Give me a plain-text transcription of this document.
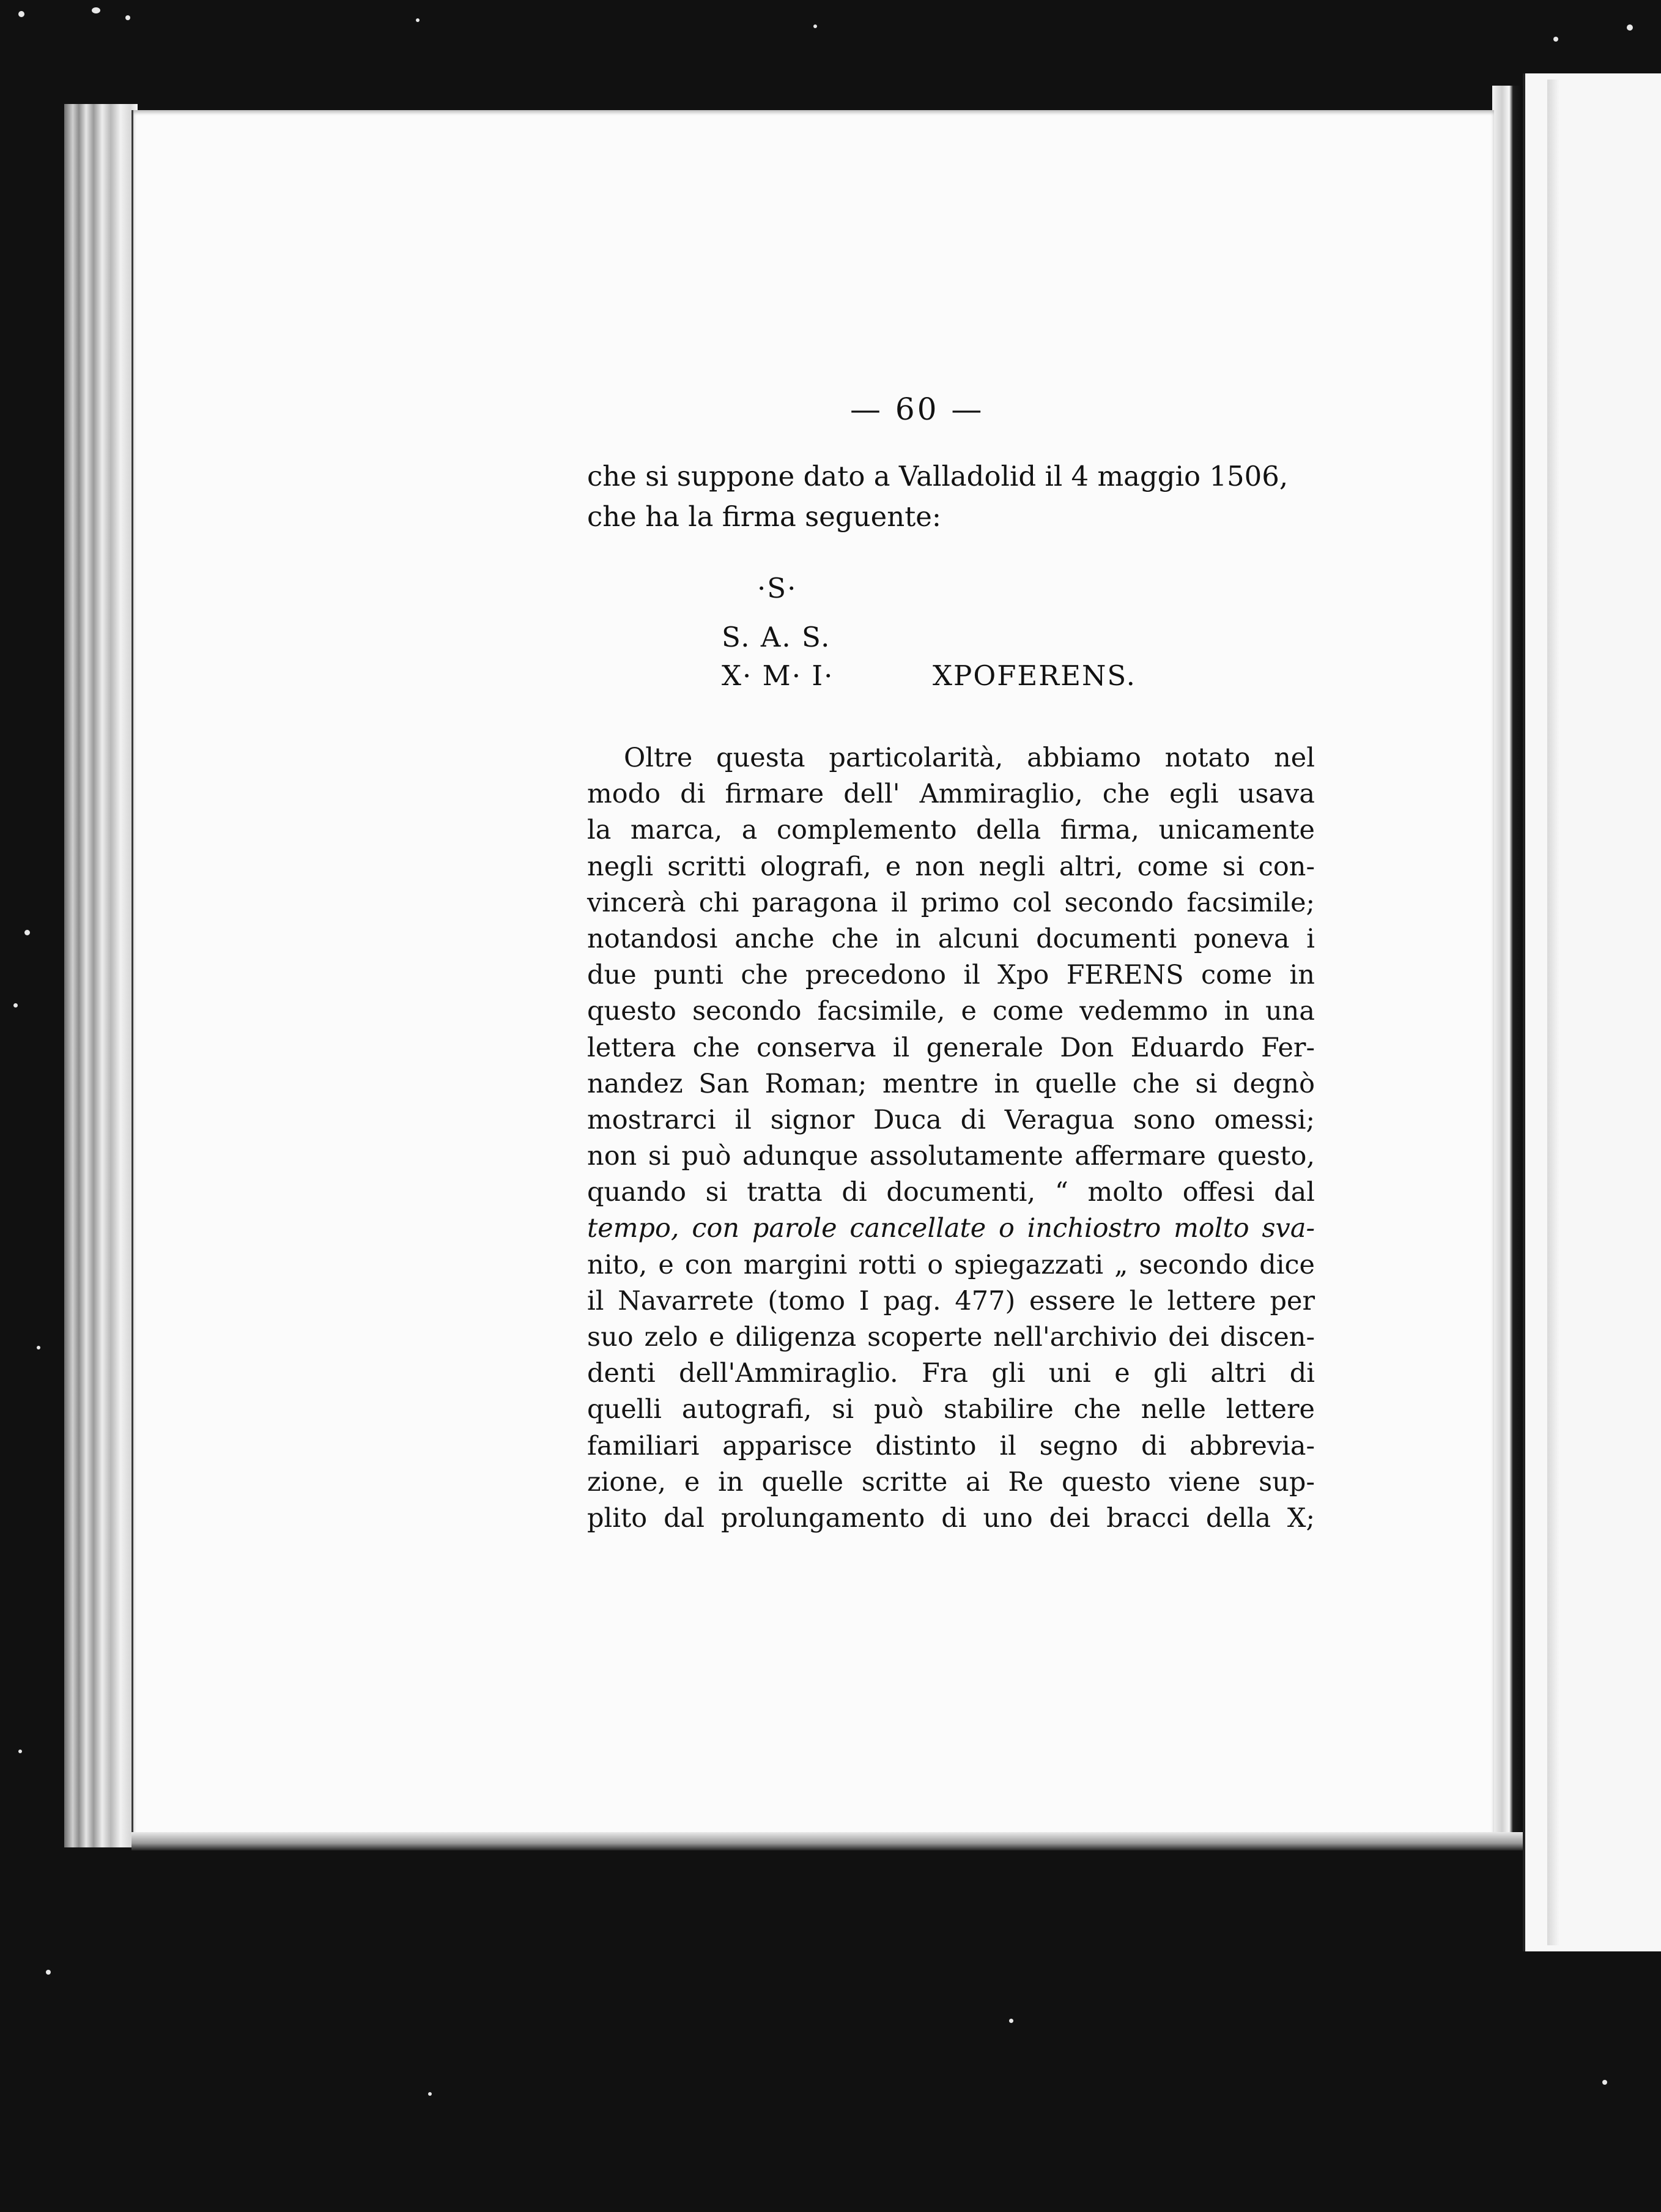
— 60 —
che si suppone dato a Valladolid il 4 maggio 1506,
che ha la firma seguente:
·S·
S. A. S.
X· M· I·	XPOFERENS.
Oltre questa particolarità, abbiamo notato nel
modo di firmare dell' Ammiraglio, che egli usava
la marca, a complemento della firma, unicamente
negli scritti olografi, e non negli altri, come si con-
vincerà chi paragona il primo col secondo facsimile;
notandosi anche che in alcuni documenti poneva i
due punti che precedono il Xpo FERENS come in
questo secondo facsimile, e come vedemmo in una
lettera che conserva il generale Don Eduardo Fer-
nandez San Roman; mentre in quelle che si degnò
mostrarci il signor Duca di Veragua sono omessi;
non si può adunque assolutamente affermare questo,
quando si tratta di documenti, “ molto offesi dal
tempo, con parole cancellate o inchiostro molto sva-
nito, e con margini rotti o spiegazzati „ secondo dice
il Navarrete (tomo I pag. 477) essere le lettere per
suo zelo e diligenza scoperte nell'archivio dei discen-
denti dell'Ammiraglio. Fra gli uni e gli altri di
quelli autografi, si può stabilire che nelle lettere
familiari apparisce distinto il segno di abbrevia-
zione, e in quelle scritte ai Re questo viene sup-
plito dal prolungamento di uno dei bracci della X;
